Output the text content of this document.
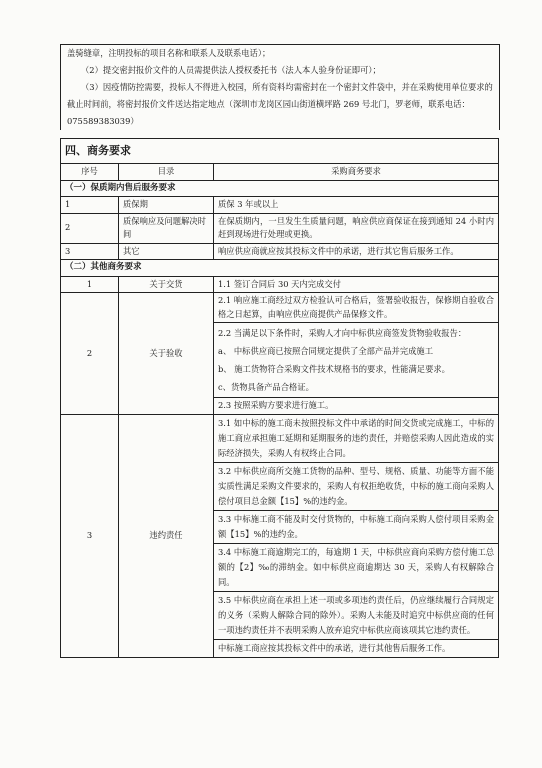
盖骑缝章，注明投标的项目名称和联系人及联系电话）；

（2）提交密封报价文件的人员需提供法人授权委托书（法人本人验身份证即可）；

（3）因疫情防控需要，投标人不得进入校园，所有资料均需密封在一个密封文件袋中，并在采购使用单位要求的截止时间前，将密封报价文件送达指定地点（深圳市龙岗区园山街道横坪路 269 号北门，罗老师，联系电话：075589383039）

四、商务要求		
序号	目录	采购商务要求
（一）保质期内售后服务要求		
1	质保期	质保 3 年或以上
2	质保响应及问题解决时间	在保质期内，一旦发生生质量问题，响应供应商保证在接到通知 24 小时内赶到现场进行处理或更换。
3	其它	响应供应商就应按其投标文件中的承诺，进行其它售后服务工作。
（二）其他商务要求		
1	关于交货	1.1 签订合同后 30 天内完成交付
2	关于验收	2.1 响应施工商经过双方检验认可合格后，签署验收报告，保修期自验收合格之日起算，由响应供应商提供产品保修文件。

		2.2 当满足以下条件时，采购人才向中标供应商签发货物验收报告：
a、 中标供应商已按照合同规定提供了全部产品并完成施工
b、 施工货物符合采购文件技术规格书的要求，性能满足要求。
c、货物具备产品合格证。

		2.3 按照采购方要求进行施工。
3	违约责任	3.1 如中标的施工商未按照投标文件中承诺的时间交货或完成施工，中标的施工商应承担施工延期和延期服务的违约责任，并赔偿采购人因此造成的实际经济损失，采购人有权终止合同。
		3.2 中标供应商所交施工货物的品种、型号、规格、质量、功能等方面不能实质性满足采购文件要求的，采购人有权拒绝收货，中标的施工商向采购人偿付项目总金额【15】%的违约金。
		3.3 中标施工商不能及时交付货物的，中标施工商向采购人偿付项目采购金额【15】%的违约金。
		3.4 中标施工商逾期完工的，每逾期 1 天，中标供应商向采购方偿付施工总额的【2】‰的滞纳金。如中标供应商逾期达 30 天，采购人有权解除合同。
		3.5 中标供应商在承担上述一项或多项违约责任后，仍应继续履行合同规定的义务（采购人解除合同的除外）。采购人未能及时追究中标供应商的任何一项违约责任并不表明采购人放弃追究中标供应商该项其它违约责任。
		中标施工商应按其投标文件中的承诺，进行其他售后服务工作。
